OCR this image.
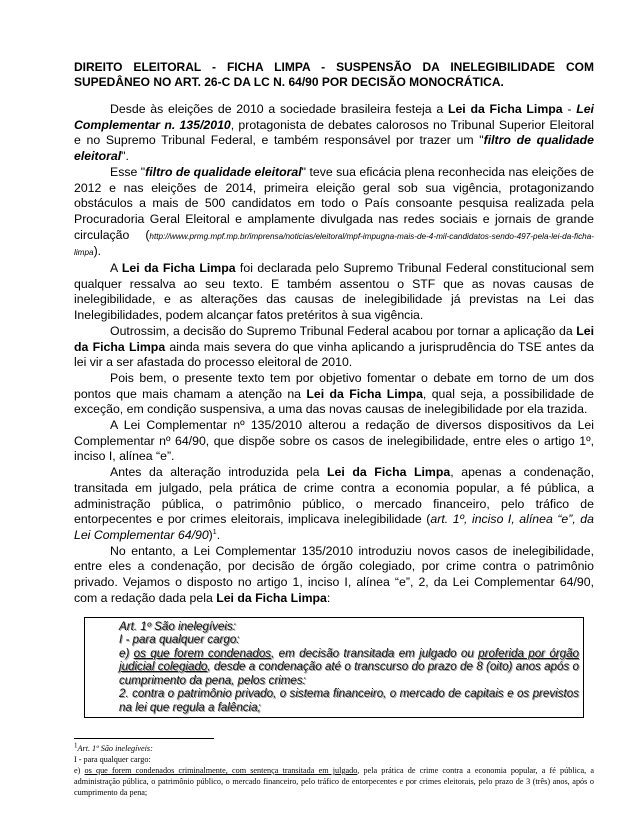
DIREITO ELEITORAL - FICHA LIMPA - SUSPENSÃO DA INELEGIBILIDADE COM SUPEDÂNEO NO ART. 26-C DA LC N. 64/90 POR DECISÃO MONOCRÁTICA.

Desde às eleições de 2010 a sociedade brasileira festeja a Lei da Ficha Limpa - Lei Complementar n. 135/2010, protagonista de debates calorosos no Tribunal Superior Eleitoral e no Supremo Tribunal Federal, e também responsável por trazer um "filtro de qualidade eleitoral".

Esse "filtro de qualidade eleitoral" teve sua eficácia plena reconhecida nas eleições de 2012 e nas eleições de 2014, primeira eleição geral sob sua vigência, protagonizando obstáculos a mais de 500 candidatos em todo o País consoante pesquisa realizada pela Procuradoria Geral Eleitoral e amplamente divulgada nas redes sociais e jornais de grande circulação (http://www.prmg.mpf.mp.br/imprensa/noticias/eleitoral/mpf-impugna-mais-de-4-mil-candidatos-sendo-497-pela-lei-da-ficha-limpa).

A Lei da Ficha Limpa foi declarada pelo Supremo Tribunal Federal constitucional sem qualquer ressalva ao seu texto. E também assentou o STF que as novas causas de inelegibilidade, e as alterações das causas de inelegibilidade já previstas na Lei das Inelegibilidades, podem alcançar fatos pretéritos à sua vigência.

Outrossim, a decisão do Supremo Tribunal Federal acabou por tornar a aplicação da Lei da Ficha Limpa ainda mais severa do que vinha aplicando a jurisprudência do TSE antes da lei vir a ser afastada do processo eleitoral de 2010.

Pois bem, o presente texto tem por objetivo fomentar o debate em torno de um dos pontos que mais chamam a atenção na Lei da Ficha Limpa, qual seja, a possibilidade de exceção, em condição suspensiva, a uma das novas causas de inelegibilidade por ela trazida.

A Lei Complementar nº 135/2010 alterou a redação de diversos dispositivos da Lei Complementar nº 64/90, que dispõe sobre os casos de inelegibilidade, entre eles o artigo 1º, inciso I, alínea “e”.

Antes da alteração introduzida pela Lei da Ficha Limpa, apenas a condenação, transitada em julgado, pela prática de crime contra a economia popular, a fé pública, a administração pública, o patrimônio público, o mercado financeiro, pelo tráfico de entorpecentes e por crimes eleitorais, implicava inelegibilidade (art. 1º, inciso I, alínea “e”, da Lei Complementar 64/90)$^1$.

No entanto, a Lei Complementar 135/2010 introduziu novos casos de inelegibilidade, entre eles a condenação, por decisão de órgão colegiado, por crime contra o patrimônio privado. Vejamos o disposto no artigo 1, inciso I, alínea “e”, 2, da Lei Complementar 64/90, com a redação dada pela Lei da Ficha Limpa:

Art. 1º São inelegíveis:
I - para qualquer cargo:
e) os que forem condenados, em decisão transitada em julgado ou proferida por órgão judicial colegiado, desde a condenação até o transcurso do prazo de 8 (oito) anos após o cumprimento da pena, pelos crimes:
2. contra o patrimônio privado, o sistema financeiro, o mercado de capitais e os previstos na lei que regula a falência;
$^1$Art. 1º São inelegíveis:
I - para qualquer cargo:
e) os que forem condenados criminalmente, com sentença transitada em julgado, pela prática de crime contra a economia popular, a fé pública, a administração pública, o patrimônio público, o mercado financeiro, pelo tráfico de entorpecentes e por crimes eleitorais, pelo prazo de 3 (três) anos, após o cumprimento da pena;
